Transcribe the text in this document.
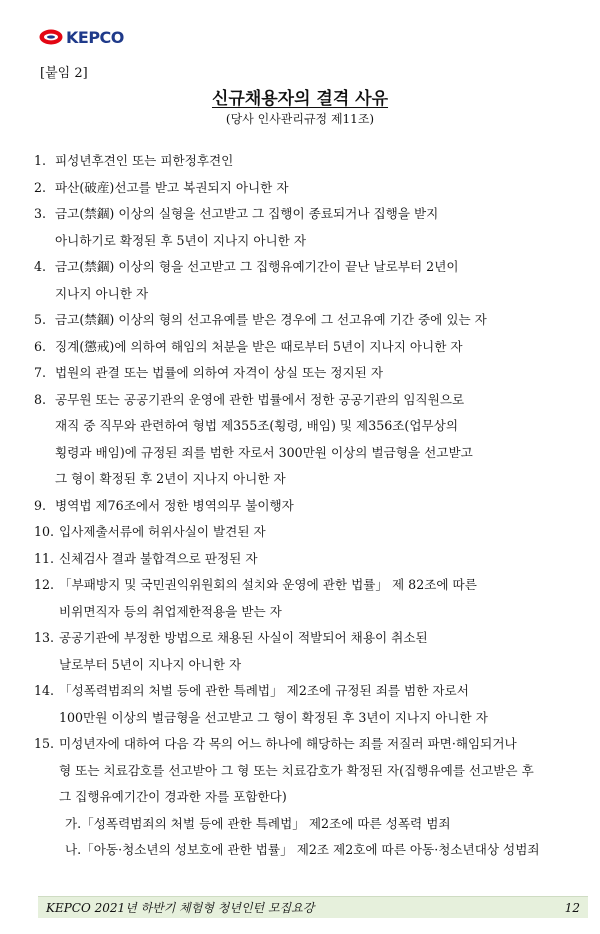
KEPCO
[붙임 2]
신규채용자의 결격 사유
(당사 인사관리규정 제11조)
1. 피성년후견인 또는 피한정후견인
2. 파산(破産)선고를 받고 복권되지 아니한 자
3. 금고(禁錮) 이상의 실형을 선고받고 그 집행이 종료되거나 집행을 받지
아니하기로 확정된 후 5년이 지나지 아니한 자
4. 금고(禁錮) 이상의 형을 선고받고 그 집행유예기간이 끝난 날로부터 2년이
지나지 아니한 자
5. 금고(禁錮) 이상의 형의 선고유예를 받은 경우에 그 선고유예 기간 중에 있는 자
6. 징계(懲戒)에 의하여 해임의 처분을 받은 때로부터 5년이 지나지 아니한 자
7. 법원의 관결 또는 법률에 의하여 자격이 상실 또는 정지된 자
8. 공무원 또는 공공기관의 운영에 관한 법률에서 정한 공공기관의 임직원으로
재직 중 직무와 관련하여 형법 제355조(횡령, 배임) 및 제356조(업무상의
횡령과 배임)에 규정된 죄를 범한 자로서 300만원 이상의 벌금형을 선고받고
그 형이 확정된 후 2년이 지나지 아니한 자
9. 병역법 제76조에서 정한 병역의무 불이행자
10. 입사제출서류에 허위사실이 발견된 자
11. 신체검사 결과 불합격으로 판정된 자
12. 「부패방지 및 국민권익위원회의 설치와 운영에 관한 법률」 제 82조에 따른
비위면직자 등의 취업제한적용을 받는 자
13. 공공기관에 부정한 방법으로 채용된 사실이 적발되어 채용이 취소된
날로부터 5년이 지나지 아니한 자
14. 「성폭력범죄의 처벌 등에 관한 특례법」 제2조에 규정된 죄를 범한 자로서
100만원 이상의 벌금형을 선고받고 그 형이 확정된 후 3년이 지나지 아니한 자
15. 미성년자에 대하여 다음 각 목의 어느 하나에 해당하는 죄를 저질러 파면·해임되거나
형 또는 치료감호를 선고받아 그 형 또는 치료감호가 확정된 자(집행유예를 선고받은 후
그 집행유예기간이 경과한 자를 포함한다)
가.「성폭력범죄의 처벌 등에 관한 특례법」 제2조에 따른 성폭력 범죄
나.「아동·청소년의 성보호에 관한 법률」 제2조 제2호에 따른 아동·청소년대상 성범죄
KEPCO 2021년 하반기 체험형 청년인턴 모집요강	12
